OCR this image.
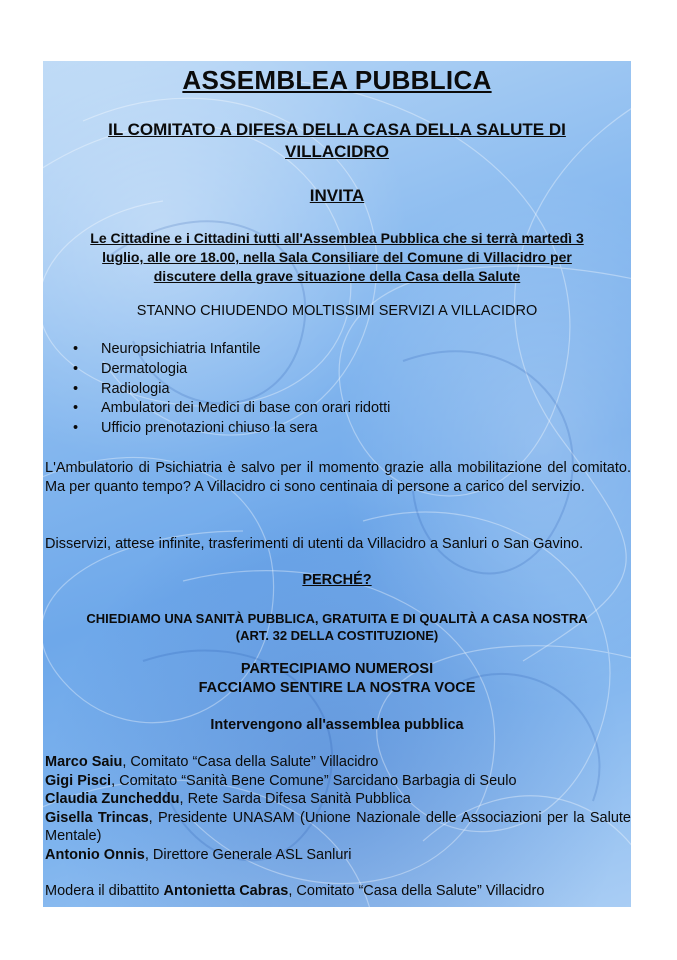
ASSEMBLEA PUBBLICA
IL COMITATO A DIFESA DELLA CASA DELLA SALUTE DI
VILLACIDRO
INVITA
Le Cittadine e i Cittadini tutti all'Assemblea Pubblica che si terrà martedì 3
luglio, alle ore 18.00, nella Sala Consiliare del Comune di Villacidro per
discutere della grave situazione della Casa della Salute
STANNO CHIUDENDO MOLTISSIMI SERVIZI A VILLACIDRO
• Neuropsichiatria Infantile
• Dermatologia
• Radiologia
• Ambulatori dei Medici di base con orari ridotti
• Ufficio prenotazioni chiuso la sera

L'Ambulatorio di Psichiatria è salvo per il momento grazie alla mobilitazione del comitato. Ma per quanto tempo? A Villacidro ci sono centinaia di persone a carico del servizio.

Disservizi, attese infinite, trasferimenti di utenti da Villacidro a Sanluri o San Gavino.

PERCHÉ?
CHIEDIAMO UNA SANITÀ PUBBLICA, GRATUITA E DI QUALITÀ A CASA NOSTRA
(ART. 32 DELLA COSTITUZIONE)
PARTECIPIAMO NUMEROSI
FACCIAMO SENTIRE LA NOSTRA VOCE
Intervengono all'assemblea pubblica
Marco Saiu, Comitato “Casa della Salute” Villacidro
Gigi Pisci, Comitato “Sanità Bene Comune” Sarcidano Barbagia di Seulo
Claudia Zuncheddu, Rete Sarda Difesa Sanità Pubblica
Gisella Trincas, Presidente UNASAM (Unione Nazionale delle Associazioni per la Salute Mentale)
Antonio Onnis, Direttore Generale ASL Sanluri
Modera il dibattito Antonietta Cabras, Comitato “Casa della Salute” Villacidro
